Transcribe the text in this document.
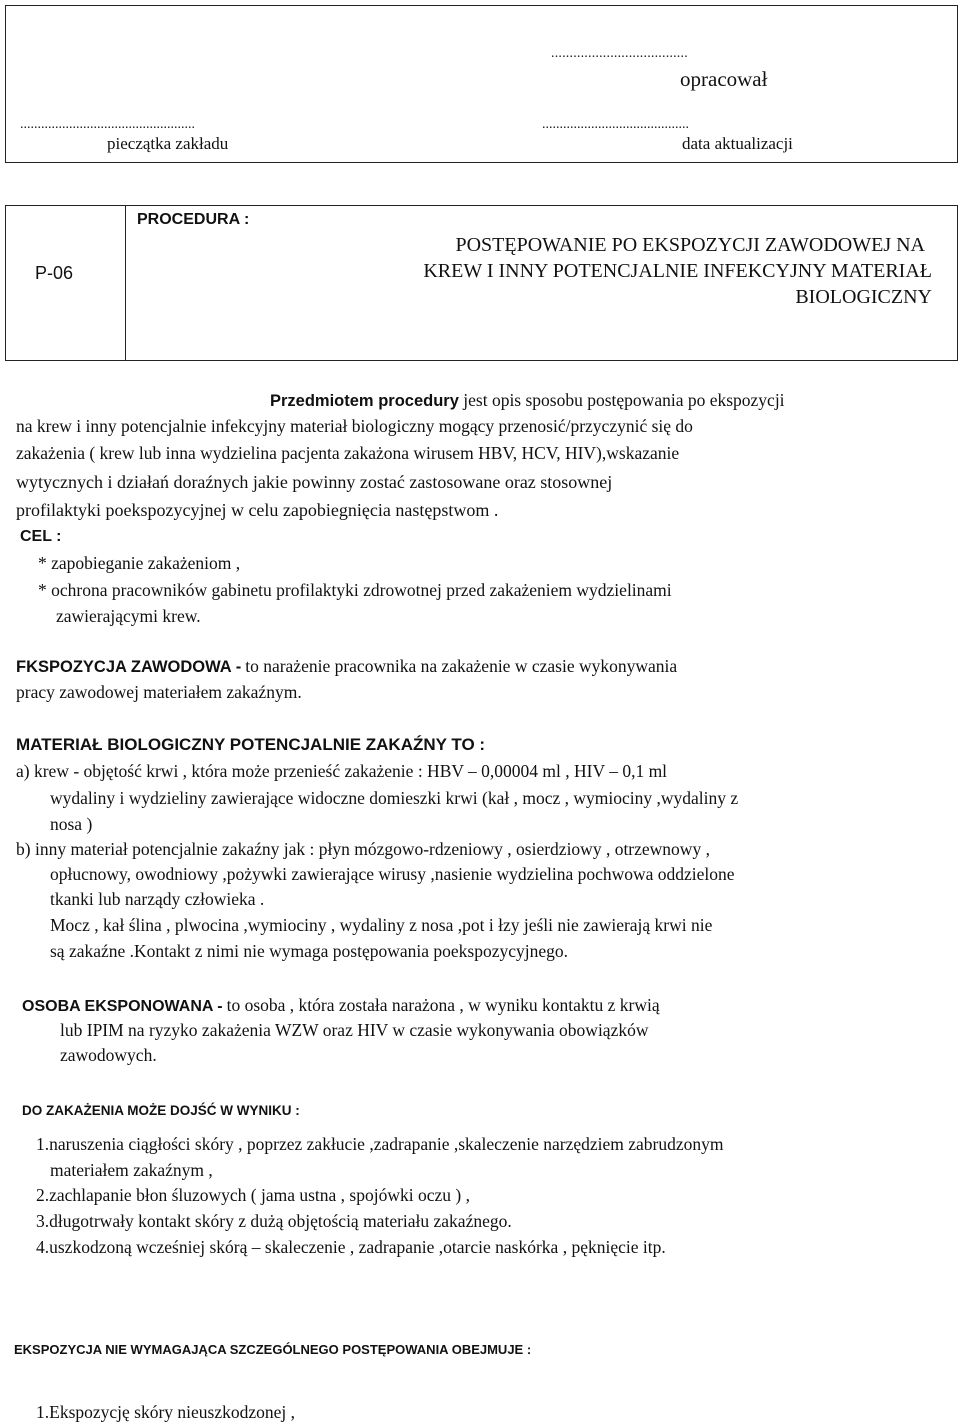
.....................................
opracował
..................................................	..........................................
pieczątka zakładu	data aktualizacji
P-06
PROCEDURA :
POSTĘPOWANIE PO EKSPOZYCJI ZAWODOWEJ NA
KREW I INNY POTENCJALNIE INFEKCYJNY MATERIAŁ
BIOLOGICZNY
Przedmiotem procedury jest opis sposobu postępowania po ekspozycji
na krew i inny potencjalnie infekcyjny materiał biologiczny mogący przenosić/przyczynić się do
zakażenia ( krew lub inna wydzielina pacjenta zakażona wirusem HBV, HCV, HIV),wskazanie
wytycznych i działań doraźnych jakie powinny zostać zastosowane oraz stosownej
profilaktyki poekspozycyjnej w celu zapobiegnięcia następstwom .
CEL :
* zapobieganie zakażeniom ,
* ochrona pracowników gabinetu profilaktyki zdrowotnej przed zakażeniem wydzielinami
zawierającymi krew.
FKSPOZYCJA ZAWODOWA - to narażenie pracownika na zakażenie w czasie wykonywania
pracy zawodowej materiałem zakaźnym.
MATERIAŁ BIOLOGICZNY POTENCJALNIE ZAKAŹNY TO :
a) krew - objętość krwi , która może przenieść zakażenie : HBV – 0,00004 ml , HIV – 0,1 ml
wydaliny i wydzieliny zawierające widoczne domieszki krwi (kał , mocz , wymiociny ,wydaliny z
nosa )
b) inny materiał potencjalnie zakaźny jak : płyn mózgowo-rdzeniowy , osierdziowy , otrzewnowy ,
opłucnowy, owodniowy ,pożywki zawierające wirusy ,nasienie wydzielina pochwowa oddzielone
tkanki lub narządy człowieka .
Mocz , kał ślina , plwocina ,wymiociny , wydaliny z nosa ,pot i łzy jeśli nie zawierają krwi nie
są zakaźne .Kontakt z nimi nie wymaga postępowania poekspozycyjnego.
OSOBA EKSPONOWANA - to osoba , która została narażona , w wyniku kontaktu z krwią
lub IPIM na ryzyko zakażenia WZW oraz HIV w czasie wykonywania obowiązków
zawodowych.
DO ZAKAŻENIA MOŻE DOJŚĆ W WYNIKU :
1.naruszenia ciągłości skóry , poprzez zakłucie ,zadrapanie ,skaleczenie narzędziem zabrudzonym
materiałem zakaźnym ,
2.zachlapanie błon śluzowych ( jama ustna , spojówki oczu ) ,
3.długotrwały kontakt skóry z dużą objętością materiału zakaźnego.
4.uszkodzoną wcześniej skórą – skaleczenie , zadrapanie ,otarcie naskórka , pęknięcie itp.
EKSPOZYCJA NIE WYMAGAJĄCA SZCZEGÓLNEGO POSTĘPOWANIA OBEJMUJE :
1.Ekspozycję skóry nieuszkodzonej ,
